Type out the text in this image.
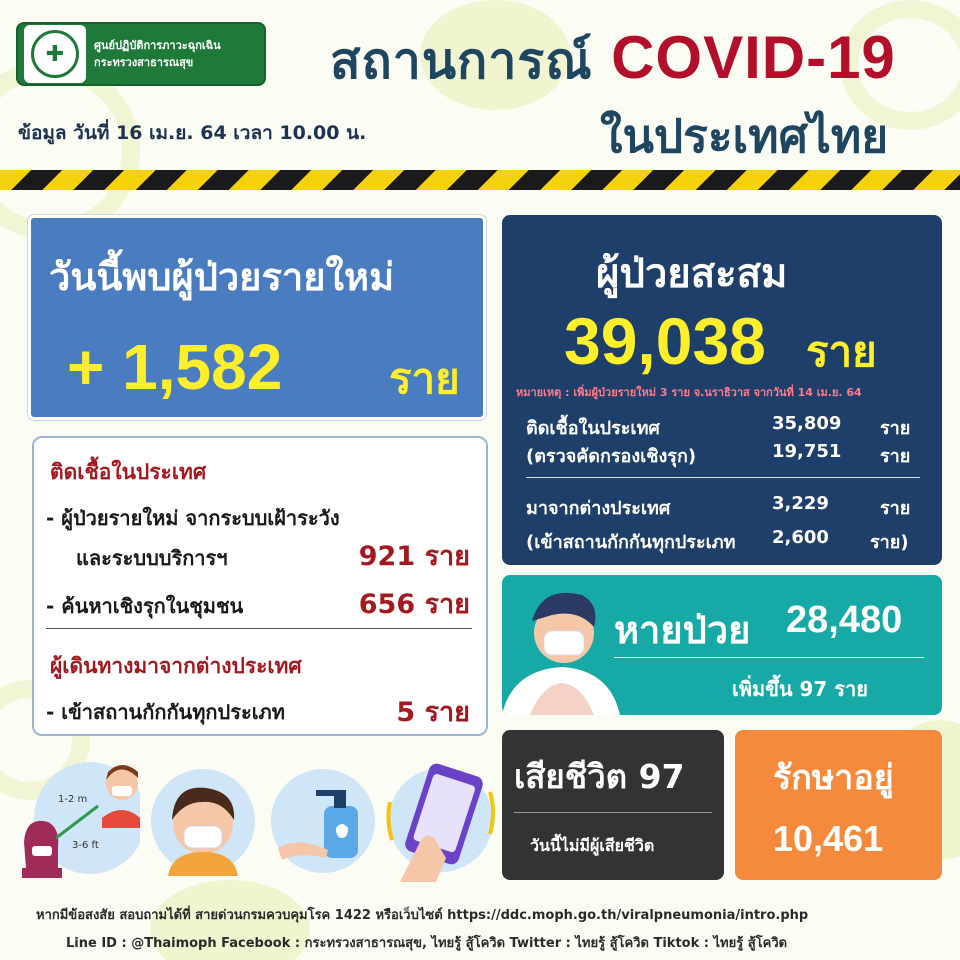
✚	ศูนย์ปฏิบัติการภาวะฉุกเฉิน
กระทรวงสาธารณสุข
ข้อมูล วันที่ 16 เม.ย. 64 เวลา 10.00 น.
สถานการณ์ COVID-19
ในประเทศไทย
วันนี้พบผู้ป่วยรายใหม่
+ 1,582	ราย
ติดเชื้อในประเทศ
- ผู้ป่วยรายใหม่ จากระบบเฝ้าระวัง
และระบบบริการฯ	921 ราย
- ค้นหาเชิงรุกในชุมชน	656 ราย
ผู้เดินทางมาจากต่างประเทศ
- เข้าสถานกักกันทุกประเภท	5 ราย
ผู้ป่วยสะสม
39,038 ราย
หมายเหตุ : เพิ่มผู้ป่วยรายใหม่ 3 ราย จ.นราธิวาส จากวันที่ 14 เม.ย. 64
ติดเชื้อในประเทศ	35,809 ราย
(ตรวจคัดกรองเชิงรุก)	19,751 ราย
มาจากต่างประเทศ	3,229	ราย
(เข้าสถานกักกันทุกประเภท 2,600 ราย)
หายป่วย 28,480
เพิ่มขึ้น 97 ราย
เสียชีวิต 97
วันนี้ไม่มีผู้เสียชีวิต
รักษาอยู่
10,461
1-2 m
3-6 ft
หากมีข้อสงสัย สอบถามได้ที่ สายด่วนกรมควบคุมโรค 1422 หรือเว็บไซต์ https://ddc.moph.go.th/viralpneumonia/intro.php
Line ID : @Thaimoph Facebook : กระทรวงสาธารณสุข, ไทยรู้ สู้โควิด Twitter : ไทยรู้ สู้โควิด Tiktok : ไทยรู้ สู้โควิด
